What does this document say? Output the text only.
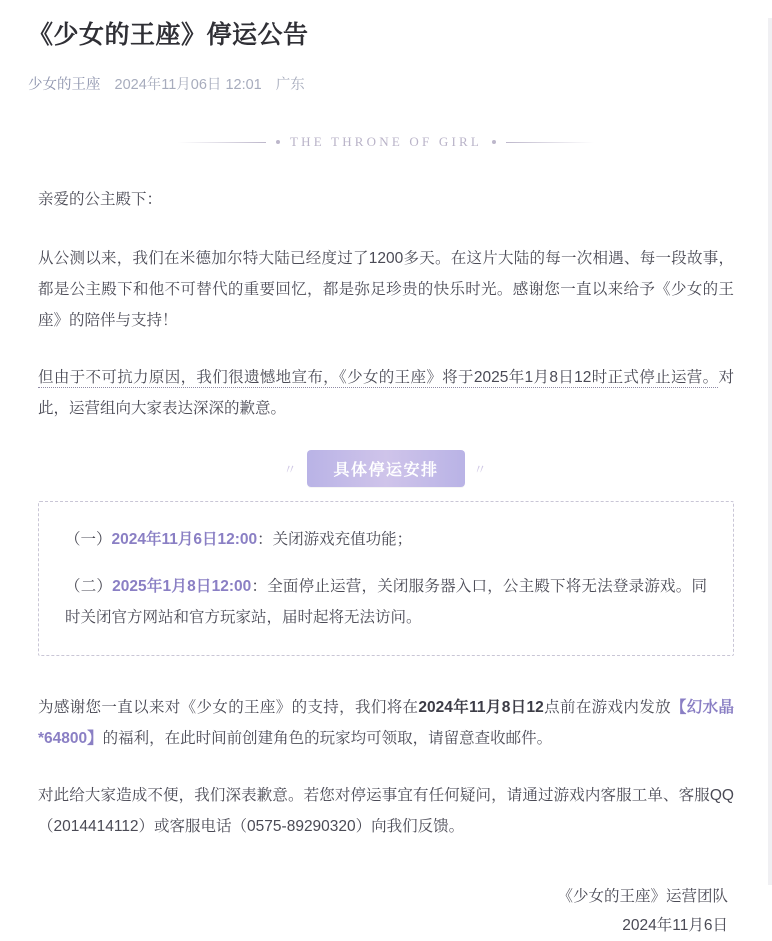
《少女的王座》停运公告
少女的王座 2024年11月06日 12:01 广东
THE THRONE OF GIRL

亲爱的公主殿下：

从公测以来，我们在米德加尔特大陆已经度过了1200多天。在这片大陆的每一次相遇、每一段故事，都是公主殿下和他不可替代的重要回忆，都是弥足珍贵的快乐时光。感谢您一直以来给予《少女的王座》的陪伴与支持！

但由于不可抗力原因，我们很遗憾地宣布，《少女的王座》将于2025年1月8日12时正式停止运营。对此，运营组向大家表达深深的歉意。

〃	具体停运安排	〃

（一）2024年11月6日12:00：关闭游戏充值功能；

（二）2025年1月8日12:00：全面停止运营，关闭服务器入口，公主殿下将无法登录游戏。同时关闭官方网站和官方玩家站，届时起将无法访问。

为感谢您一直以来对《少女的王座》的支持，我们将在2024年11月8日12点前在游戏内发放【幻水晶*64800】的福利，在此时间前创建角色的玩家均可领取，请留意查收邮件。

对此给大家造成不便，我们深表歉意。若您对停运事宜有任何疑问，请通过游戏内客服工单、客服QQ（2014414112）或客服电话（0575-89290320）向我们反馈。

《少女的王座》运营团队
2024年11月6日
